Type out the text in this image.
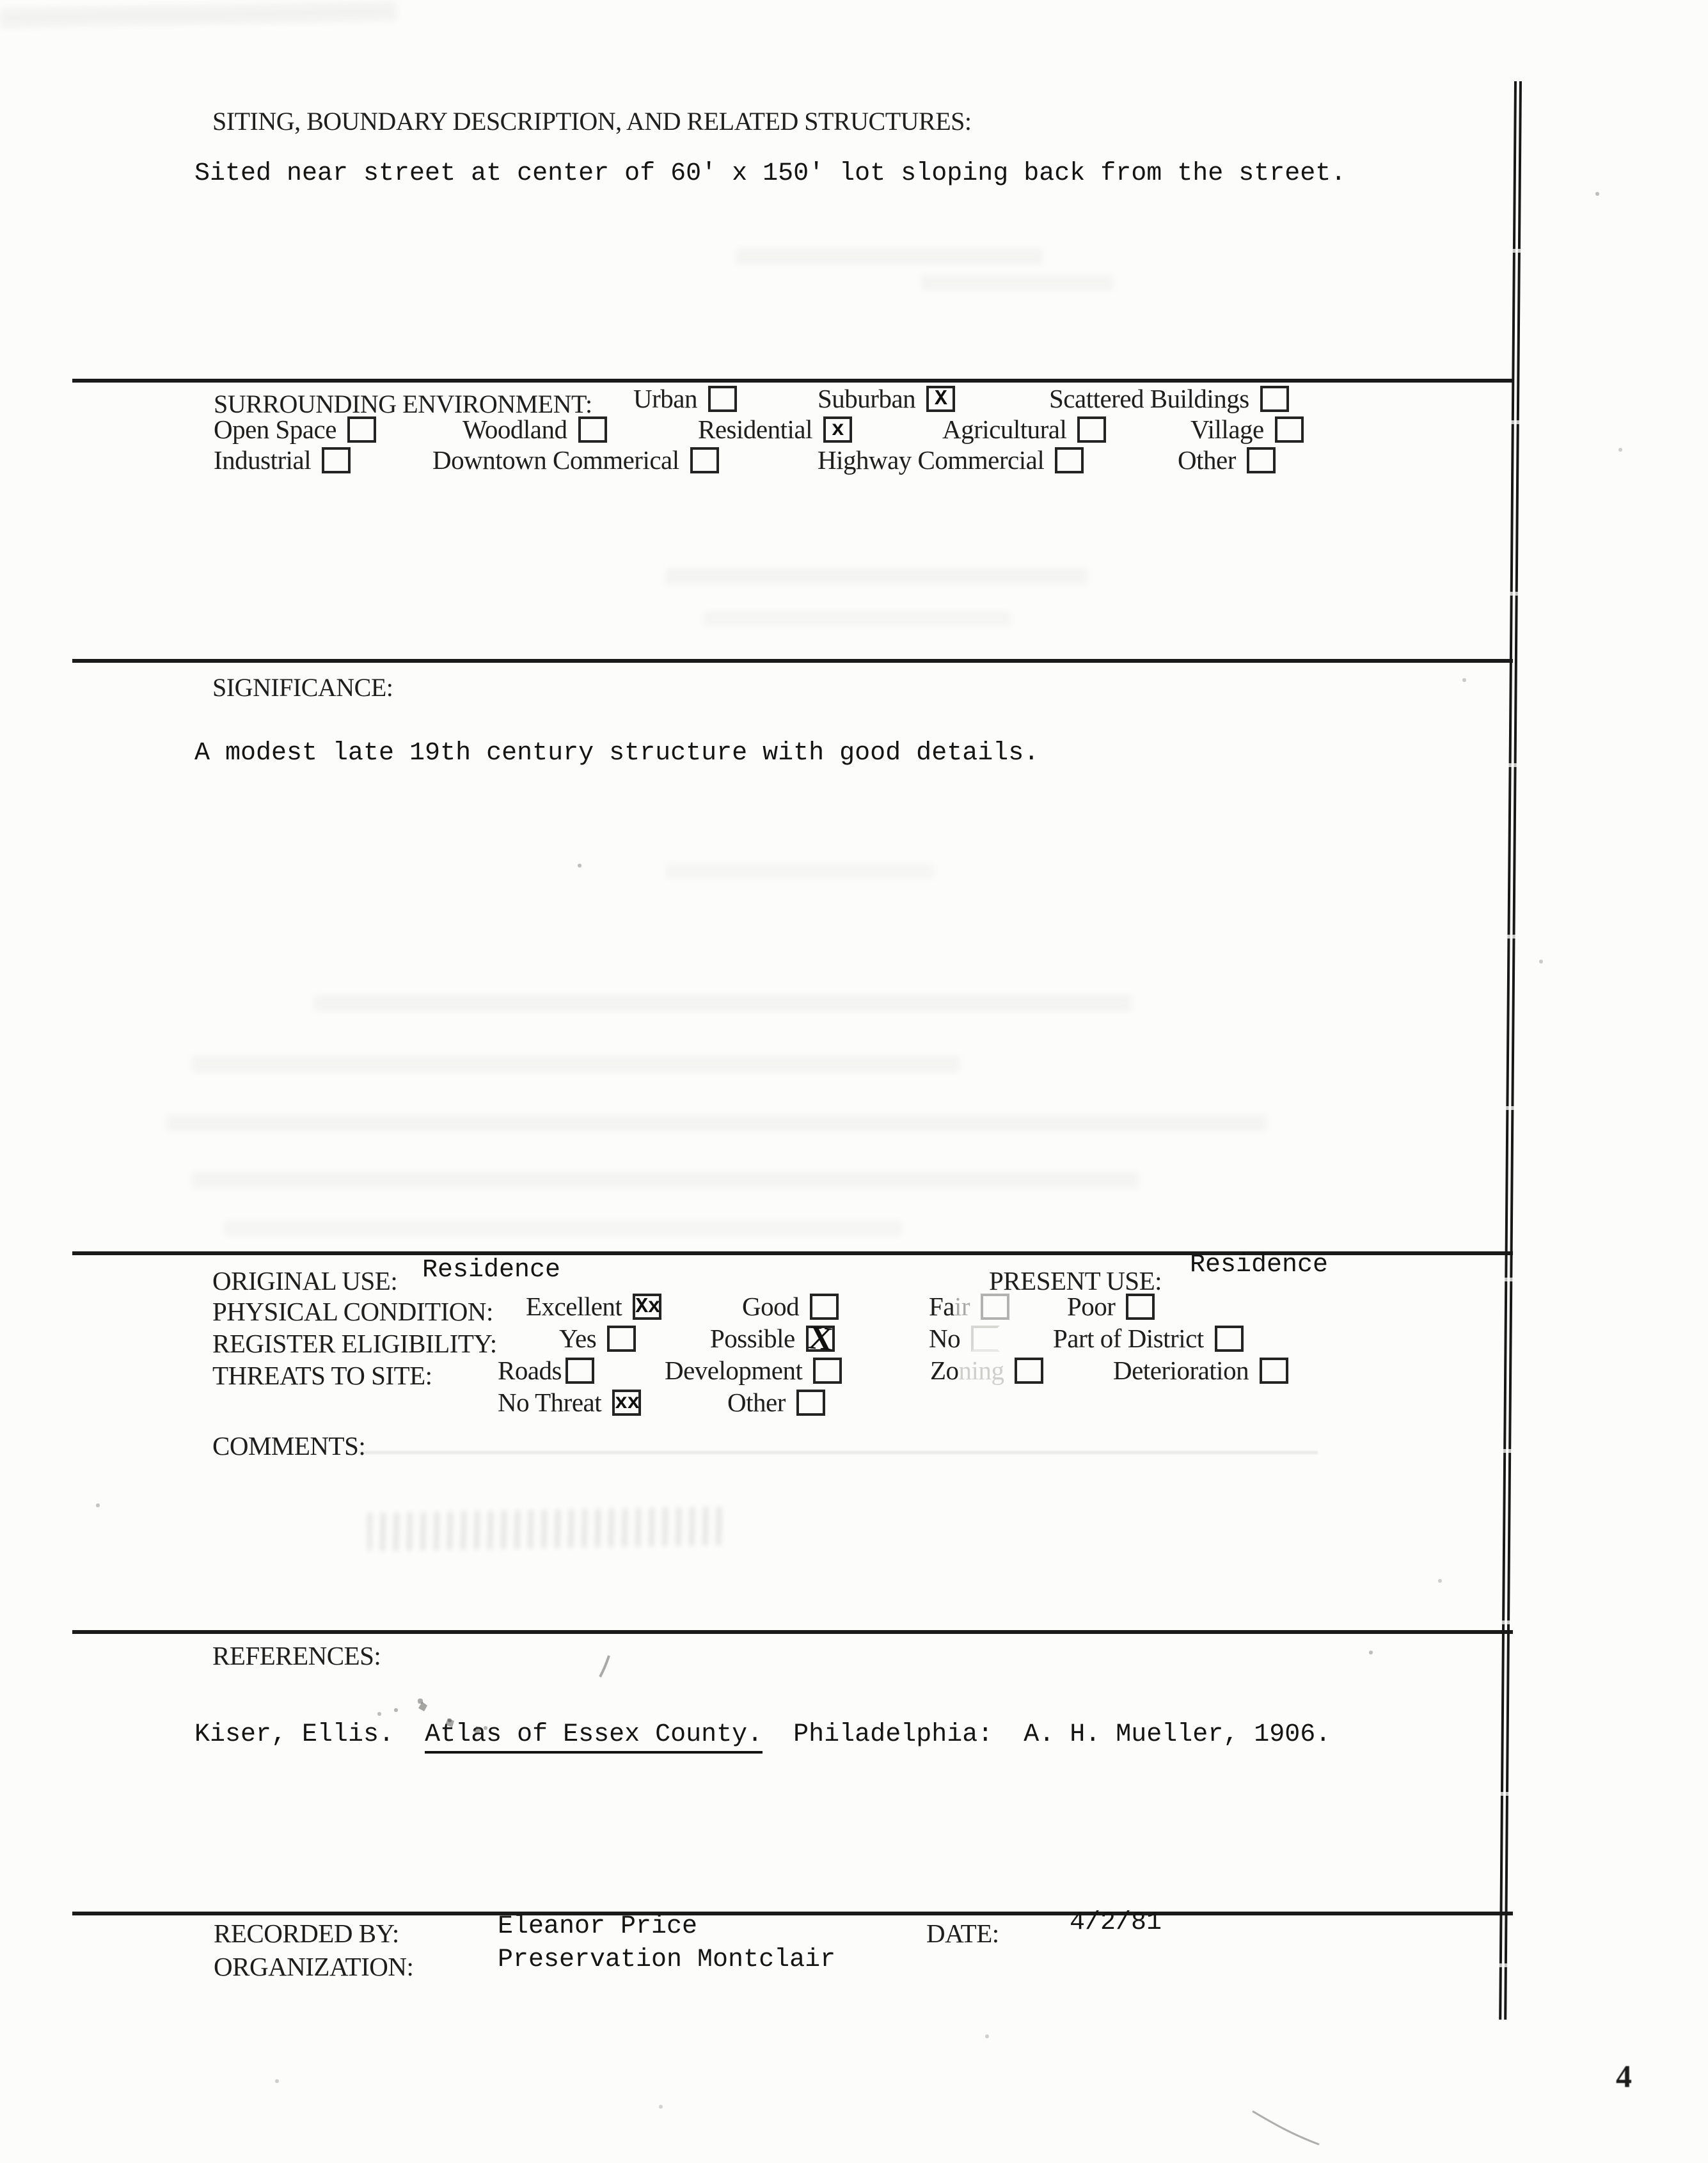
SITING, BOUNDARY DESCRIPTION, AND RELATED STRUCTURES:
Sited near street at center of 60' x 150' lot sloping back from the street.
SURROUNDING ENVIRONMENT: Urban	Suburban X	Scattered Buildings
Open Space	Woodland	Residential x	Agricultural	Village
Industrial	Downtown Commerical	Highway Commercial	Other
SIGNIFICANCE:
A modest late 19th century structure with good details.
ORIGINAL USE: Residence	PRESENT USE:
Residence
PHYSICAL CONDITION: Excellent Xx	Good	Fair	Poor
REGISTER ELIGIBILITY: Yes	Possible X	No	Part of District
THREATS TO SITE: Roads	Development	Zoning	Deterioration
No Threat xx	Other
COMMENTS:
REFERENCES:
Kiser, Ellis.  Atlas of Essex County.  Philadelphia:  A. H. Mueller, 1906.
RECORDED BY:	Eleanor Price	DATE:	4/2/81
ORGANIZATION:	Preservation Montclair
4
